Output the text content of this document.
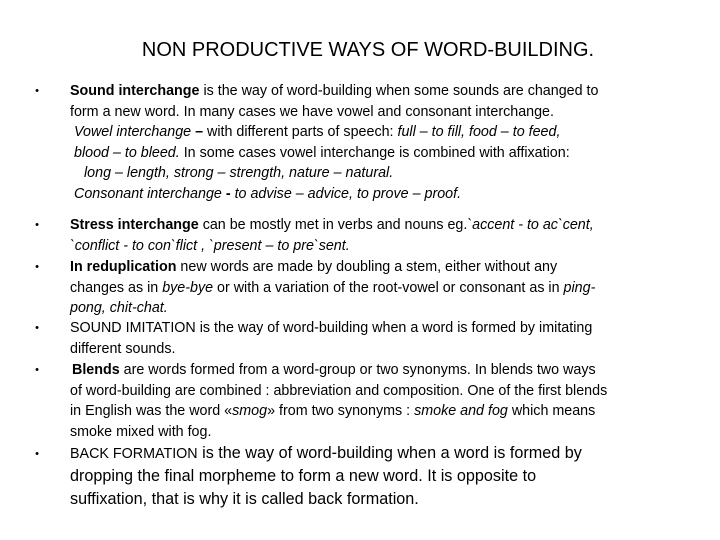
NON PRODUCTIVE WAYS OF WORD-BUILDING.
• Sound interchange is the way of word-building when some sounds are changed to
form a new word. In many cases we have vowel and consonant interchange.
Vowel interchange – with different parts of speech: full – to fill, food – to feed,
blood – to bleed. In some cases vowel interchange is combined with affixation:
long – length, strong – strength, nature – natural.
Consonant interchange - to advise – advice, to prove – proof.
• Stress interchange can be mostly met in verbs and nouns eg.`accent - to ac`cent,
`conflict - to con`flict , `present – to pre`sent.
• In reduplication new words are made by doubling a stem, either without any
changes as in bye-bye or with a variation of the root-vowel or consonant as in ping-
pong, chit-chat.
• SOUND IMITATION is the way of word-building when a word is formed by imitating
different sounds.
• Blends are words formed from a word-group or two synonyms. In blends two ways
of word-building are combined : abbreviation and composition. One of the first blends
in English was the word «smog» from two synonyms : smoke and fog which means
smoke mixed with fog.
• BACK FORMATION is the way of word-building when a word is formed by
dropping the final morpheme to form a new word. It is opposite to
suffixation, that is why it is called back formation.
